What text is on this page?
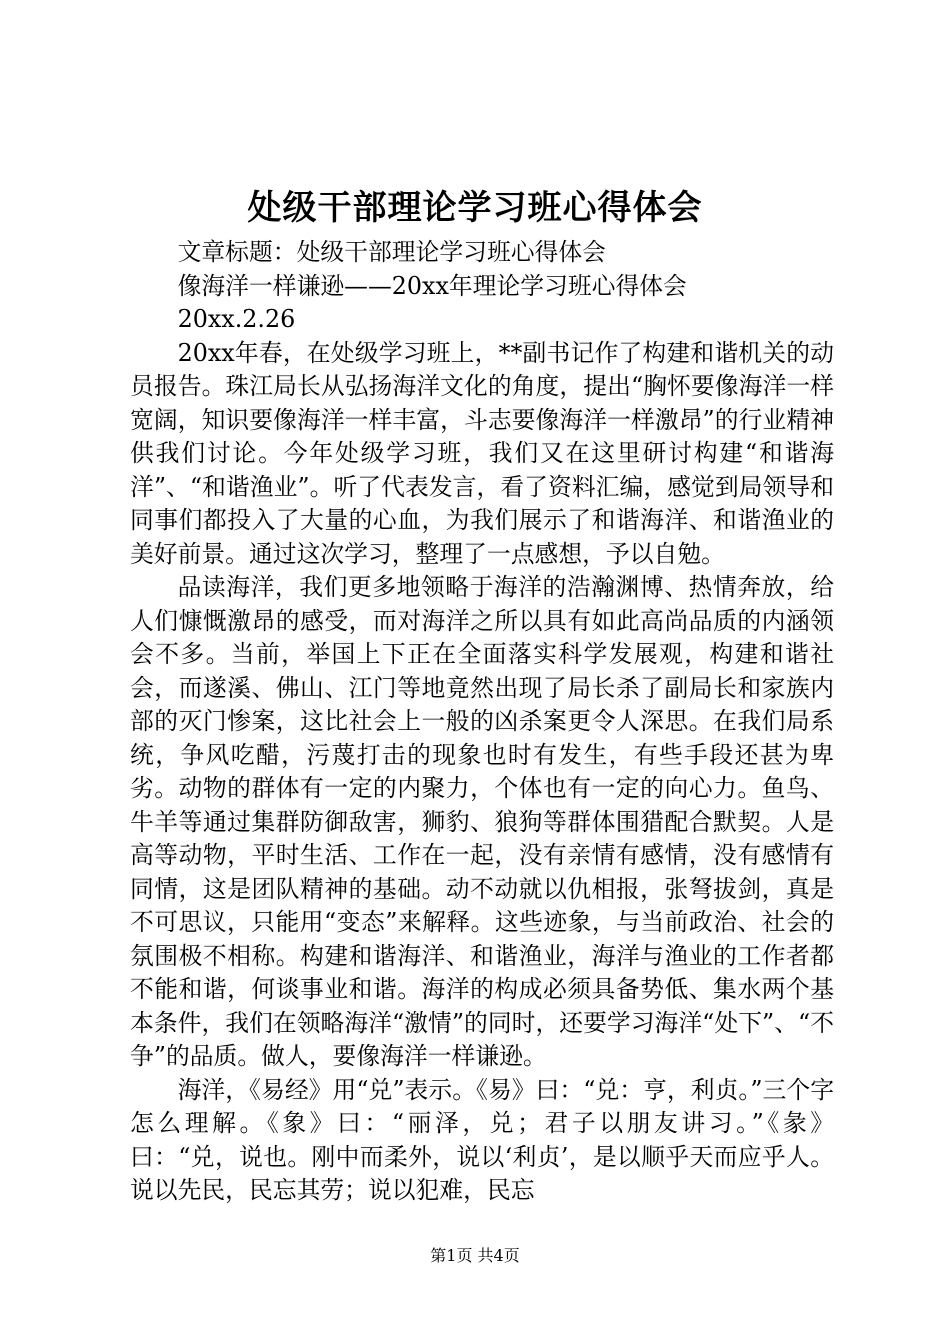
处级干部理论学习班心得体会

文章标题：处级干部理论学习班心得体会

像海洋一样谦逊——20xx年理论学习班心得体会

20xx.2.26

20xx年春，在处级学习班上，**副书记作了构建和谐机关的动员报告。珠江局长从弘扬海洋文化的角度，提出“胸怀要像海洋一样宽阔，知识要像海洋一样丰富，斗志要像海洋一样激昂”的行业精神供我们讨论。今年处级学习班，我们又在这里研讨构建“和谐海洋”、“和谐渔业”。听了代表发言，看了资料汇编，感觉到局领导和同事们都投入了大量的心血，为我们展示了和谐海洋、和谐渔业的美好前景。通过这次学习，整理了一点感想，予以自勉。

品读海洋，我们更多地领略于海洋的浩瀚渊博、热情奔放，给人们慷慨激昂的感受，而对海洋之所以具有如此高尚品质的内涵领会不多。当前，举国上下正在全面落实科学发展观，构建和谐社会，而遂溪、佛山、江门等地竟然出现了局长杀了副局长和家族内部的灭门惨案，这比社会上一般的凶杀案更令人深思。在我们局系统，争风吃醋，污蔑打击的现象也时有发生，有些手段还甚为卑劣。动物的群体有一定的内聚力，个体也有一定的向心力。鱼鸟、牛羊等通过集群防御敌害，狮豹、狼狗等群体围猎配合默契。人是高等动物，平时生活、工作在一起，没有亲情有感情，没有感情有同情，这是团队精神的基础。动不动就以仇相报，张弩拔剑，真是不可思议，只能用“变态”来解释。这些迹象，与当前政治、社会的氛围极不相称。构建和谐海洋、和谐渔业，海洋与渔业的工作者都不能和谐，何谈事业和谐。海洋的构成必须具备势低、集水两个基本条件，我们在领略海洋“激情”的同时，还要学习海洋“处下”、“不争”的品质。做人，要像海洋一样谦逊。

海洋，《易经》用“兑”表示。《易》曰：“兑：亨，利贞。”三个字怎么理解。《象》曰：“丽泽，兑；君子以朋友讲习。”《彖》曰：“兑，说也。刚中而柔外，说以‘利贞’，是以顺乎天而应乎人。说以先民，民忘其劳；说以犯难，民忘

第1页 共4页
